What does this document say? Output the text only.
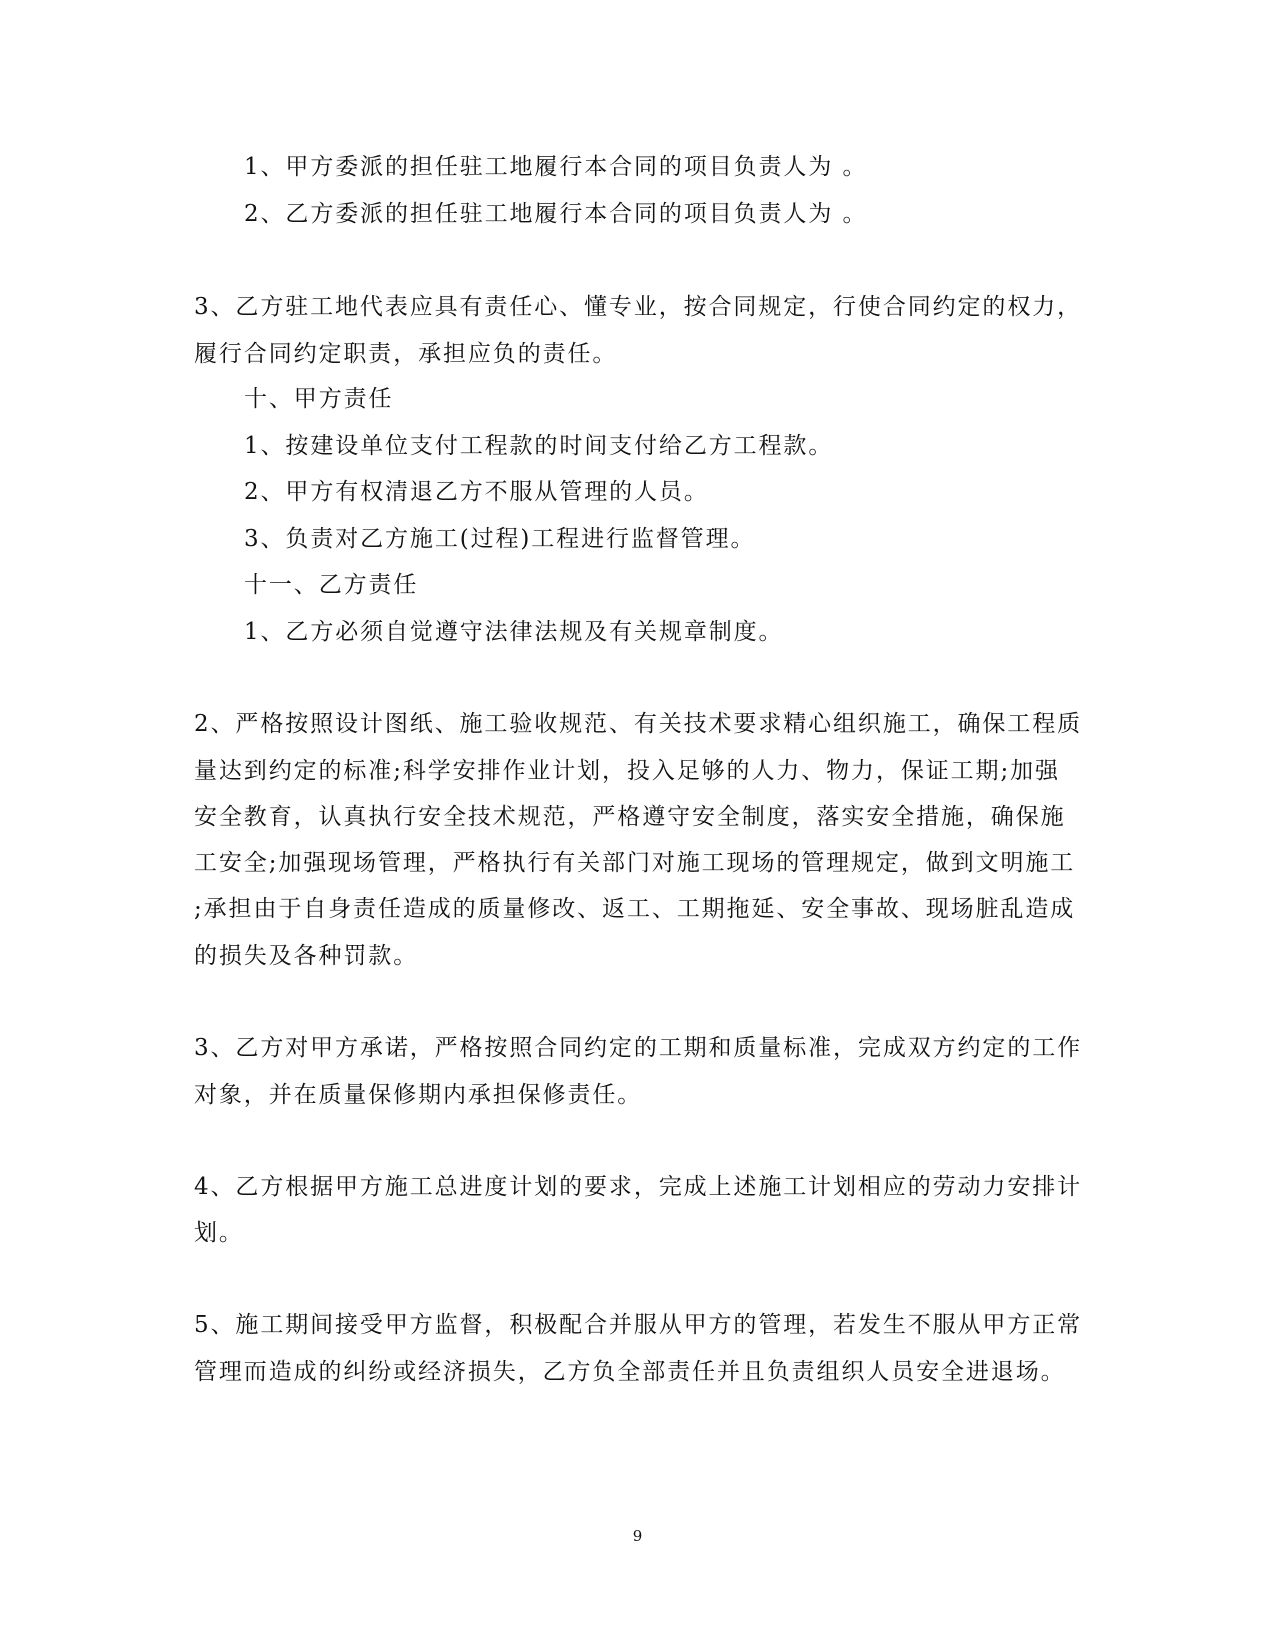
1、甲方委派的担任驻工地履行本合同的项目负责人为 。
2、乙方委派的担任驻工地履行本合同的项目负责人为 。
3、乙方驻工地代表应具有责任心、懂专业，按合同规定，行使合同约定的权力，
履行合同约定职责，承担应负的责任。
十、甲方责任
1、按建设单位支付工程款的时间支付给乙方工程款。
2、甲方有权清退乙方不服从管理的人员。
3、负责对乙方施工(过程)工程进行监督管理。
十一、乙方责任
1、乙方必须自觉遵守法律法规及有关规章制度。
2、严格按照设计图纸、施工验收规范、有关技术要求精心组织施工，确保工程质
量达到约定的标准;科学安排作业计划，投入足够的人力、物力，保证工期;加强
安全教育，认真执行安全技术规范，严格遵守安全制度，落实安全措施，确保施
工安全;加强现场管理，严格执行有关部门对施工现场的管理规定，做到文明施工
;承担由于自身责任造成的质量修改、返工、工期拖延、安全事故、现场脏乱造成
的损失及各种罚款。
3、乙方对甲方承诺，严格按照合同约定的工期和质量标准，完成双方约定的工作
对象，并在质量保修期内承担保修责任。
4、乙方根据甲方施工总进度计划的要求，完成上述施工计划相应的劳动力安排计
划。
5、施工期间接受甲方监督，积极配合并服从甲方的管理，若发生不服从甲方正常
管理而造成的纠纷或经济损失，乙方负全部责任并且负责组织人员安全进退场。
9
